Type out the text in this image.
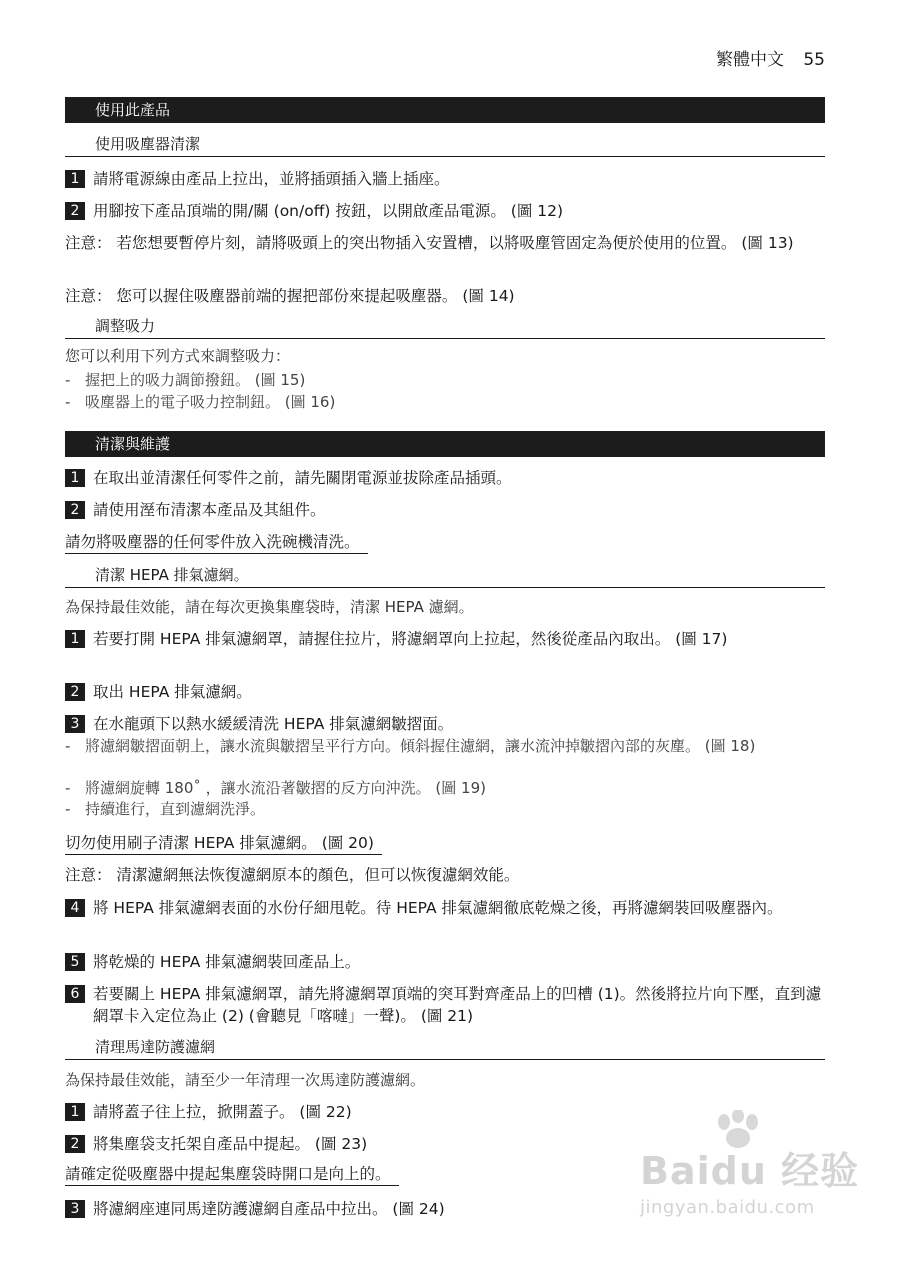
繁體中文 55
使用此產品
使用吸塵器清潔
1 請將電源線由產品上拉出，並將插頭插入牆上插座。
2 用腳按下產品頂端的開/關 (on/off) 按鈕，以開啟產品電源。 (圖 12)
注意： 若您想要暫停片刻，請將吸頭上的突出物插入安置槽，以將吸塵管固定為便於使用的位置。 (圖 13)
注意： 您可以握住吸塵器前端的握把部份來提起吸塵器。 (圖 14)
調整吸力
您可以利用下列方式來調整吸力：
- 握把上的吸力調節撥鈕。 (圖 15)
- 吸塵器上的電子吸力控制鈕。 (圖 16)
清潔與維護
1 在取出並清潔任何零件之前，請先關閉電源並拔除產品插頭。
2 請使用溼布清潔本產品及其組件。
請勿將吸塵器的任何零件放入洗碗機清洗。
清潔 HEPA 排氣濾網。
為保持最佳效能，請在每次更換集塵袋時，清潔 HEPA 濾網。
1 若要打開 HEPA 排氣濾網罩，請握住拉片，將濾網罩向上拉起，然後從產品內取出。 (圖 17)
2 取出 HEPA 排氣濾網。
3 在水龍頭下以熱水緩緩清洗 HEPA 排氣濾網皺摺面。
- 將濾網皺摺面朝上，讓水流與皺摺呈平行方向。傾斜握住濾網，讓水流沖掉皺摺內部的灰塵。 (圖 18)
- 將濾網旋轉 180˚ ，讓水流沿著皺摺的反方向沖洗。 (圖 19)
- 持續進行，直到濾網洗淨。
切勿使用刷子清潔 HEPA 排氣濾網。 (圖 20)
注意： 清潔濾網無法恢復濾網原本的顏色，但可以恢復濾網效能。
4 將 HEPA 排氣濾網表面的水份仔細甩乾。待 HEPA 排氣濾網徹底乾燥之後，再將濾網裝回吸塵器內。
5 將乾燥的 HEPA 排氣濾網裝回產品上。
6 若要關上 HEPA 排氣濾網罩，請先將濾網罩頂端的突耳對齊產品上的凹槽 (1)。然後將拉片向下壓，直到濾網罩卡入定位為止 (2) (會聽見「喀噠」一聲)。 (圖 21)
清理馬達防護濾網
為保持最佳效能，請至少一年清理一次馬達防護濾網。
1 請將蓋子往上拉，掀開蓋子。 (圖 22)
2 將集塵袋支托架自產品中提起。 (圖 23)
請確定從吸塵器中提起集塵袋時開口是向上的。
3 將濾網座連同馬達防護濾網自產品中拉出。 (圖 24)
Baidu 经验
jingyan.baidu.com
